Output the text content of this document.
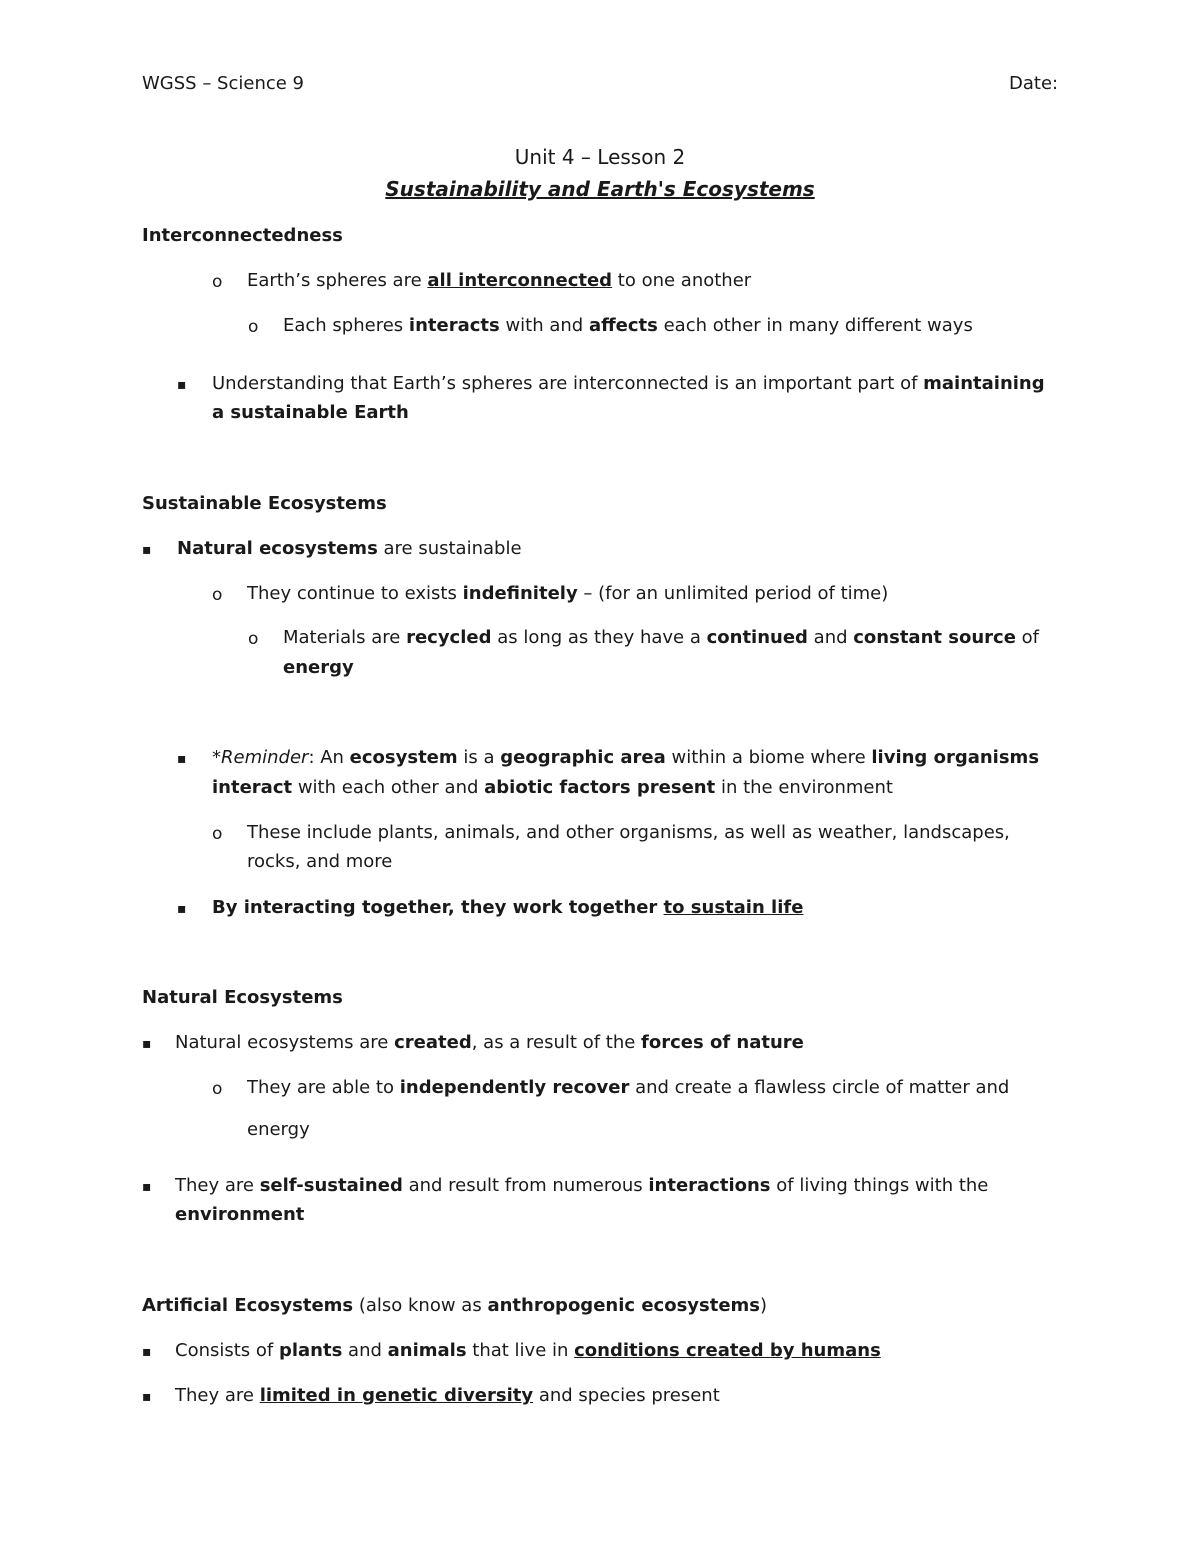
WGSS – Science 9	Date:
Unit 4 – Lesson 2
Sustainability and Earth's Ecosystems
Interconnectedness
o Earth’s spheres are all interconnected to one another
o Each spheres interacts with and affects each other in many different ways
▪ Understanding that Earth’s spheres are interconnected is an important part of maintaining
a sustainable Earth
Sustainable Ecosystems
▪ Natural ecosystems are sustainable
o They continue to exists indefinitely – (for an unlimited period of time)
o Materials are recycled as long as they have a continued and constant source of
energy
▪ *Reminder: An ecosystem is a geographic area within a biome where living organisms
interact with each other and abiotic factors present in the environment
o These include plants, animals, and other organisms, as well as weather, landscapes,
rocks, and more
▪ By interacting together, they work together to sustain life
Natural Ecosystems
▪ Natural ecosystems are created, as a result of the forces of nature
o They are able to independently recover and create a flawless circle of matter and
energy
▪ They are self-sustained and result from numerous interactions of living things with the
environment
Artificial Ecosystems (also know as anthropogenic ecosystems)
▪ Consists of plants and animals that live in conditions created by humans
▪ They are limited in genetic diversity and species present
